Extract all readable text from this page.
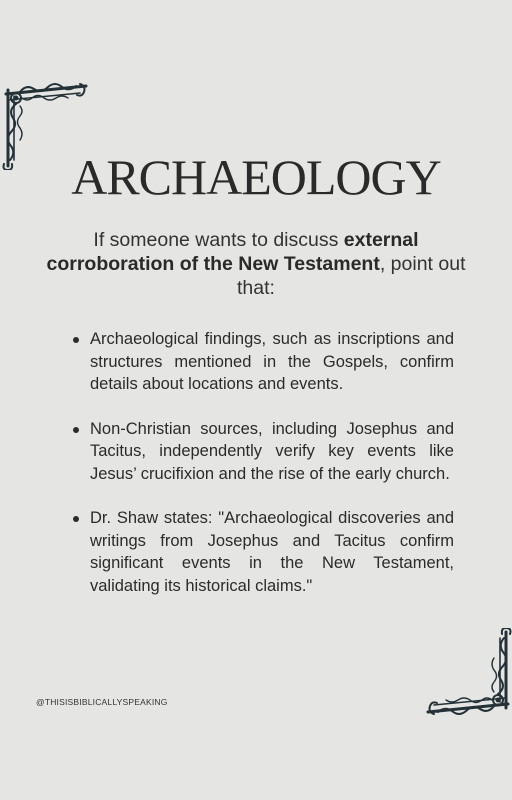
ARCHAEOLOGY
If someone wants to discuss external corroboration of the New Testament, point out that:
Archaeological findings, such as inscriptions and structures mentioned in the Gospels, confirm details about locations and events.
Non-Christian sources, including Josephus and Tacitus, independently verify key events like Jesus’ crucifixion and the rise of the early church.
Dr. Shaw states: "Archaeological discoveries and writings from Josephus and Tacitus confirm significant events in the New Testament, validating its historical claims."
@THISISBIBLICALLYSPEAKING
